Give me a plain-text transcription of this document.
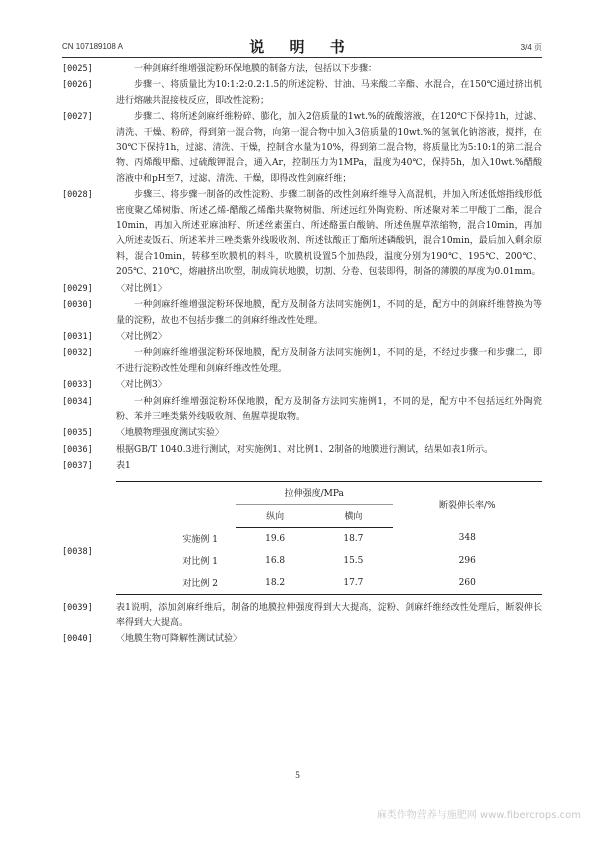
CN 107189108 A	说 明 书	3/4 页
[0025]	一种剑麻纤维增强淀粉环保地膜的制备方法，包括以下步骤：
[0026]	步骤一、将质量比为10:1:2:0.2:1.5的所述淀粉、甘油、马来酸二辛酯、水混合，在150℃通过挤出机进行熔融共混接枝反应，即改性淀粉；
[0027]	步骤二、将所述剑麻纤维粉碎、膨化，加入2倍质量的1wt.%的硫酸溶液，在120℃下保持1h，过滤、清洗、干燥、粉碎，得到第一混合物，向第一混合物中加入3倍质量的10wt.%的氢氧化钠溶液，搅拌，在30℃下保持1h，过滤、清洗、干燥，控制含水量为10%，得到第二混合物，将质量比为5:10:1的第二混合物、丙烯酸甲酯、过硫酸钾混合，通入Ar，控制压力为1MPa，温度为40℃，保持5h，加入10wt.%醋酸溶液中和pH至7，过滤、清洗、干燥，即得改性剑麻纤维；
[0028]	步骤三、将步骤一制备的改性淀粉、步骤二制备的改性剑麻纤维导入高混机，并加入所述低熔指线形低密度聚乙烯树脂、所述乙烯-醋酸乙烯酯共聚物树脂、所述远红外陶瓷粉、所述聚对苯二甲酸丁二酯，混合10min，再加入所述亚麻油籽、所述丝素蛋白、所述酪蛋白酸钠、所述鱼腥草浓缩物，混合10min，再加入所述麦饭石、所述苯并三唑类紫外线吸收剂、所述钛酸正丁酯所述磷酸钒，混合10min，最后加入剩余原料，混合10min，转移至吹膜机的料斗，吹膜机设置5个加热段，温度分别为190℃、195℃、200℃、205℃、210℃，熔融挤出吹塑，制成筒状地膜，切割、分卷、包装即得，制备的薄膜的厚度为0.01mm。
[0029]	〈对比例1〉
[0030]	一种剑麻纤维增强淀粉环保地膜，配方及制备方法同实施例1，不同的是，配方中的剑麻纤维替换为等量的淀粉，故也不包括步骤二的剑麻纤维改性处理。
[0031]	〈对比例2〉
[0032]	一种剑麻纤维增强淀粉环保地膜，配方及制备方法同实施例1，不同的是，不经过步骤一和步骤二，即不进行淀粉改性处理和剑麻纤维改性处理。
[0033]	〈对比例3〉
[0034]	一种剑麻纤维增强淀粉环保地膜，配方及制备方法同实施例1，不同的是，配方中不包括远红外陶瓷粉、苯并三唑类紫外线吸收剂、鱼腥草提取物。
[0035]	〈地膜物理强度测试实验〉
[0036]	根据GB/T 1040.3进行测试，对实施例1、对比例1、2制备的地膜进行测试，结果如表1所示。
[0037]	表1
[0038]
	拉伸强度/MPa		断裂伸长率/%
	纵向	横向	
实施例 1	19.6	18.7	348
对比例 1	16.8	15.5	296
对比例 2	18.2	17.7	260
[0039]	表1说明，添加剑麻纤维后，制备的地膜拉伸强度得到大大提高，淀粉、剑麻纤维经改性处理后，断裂伸长率得到大大提高。
[0040]	〈地膜生物可降解性测试试验〉
5
麻类作物营养与施肥网 www.fibercrops.com
